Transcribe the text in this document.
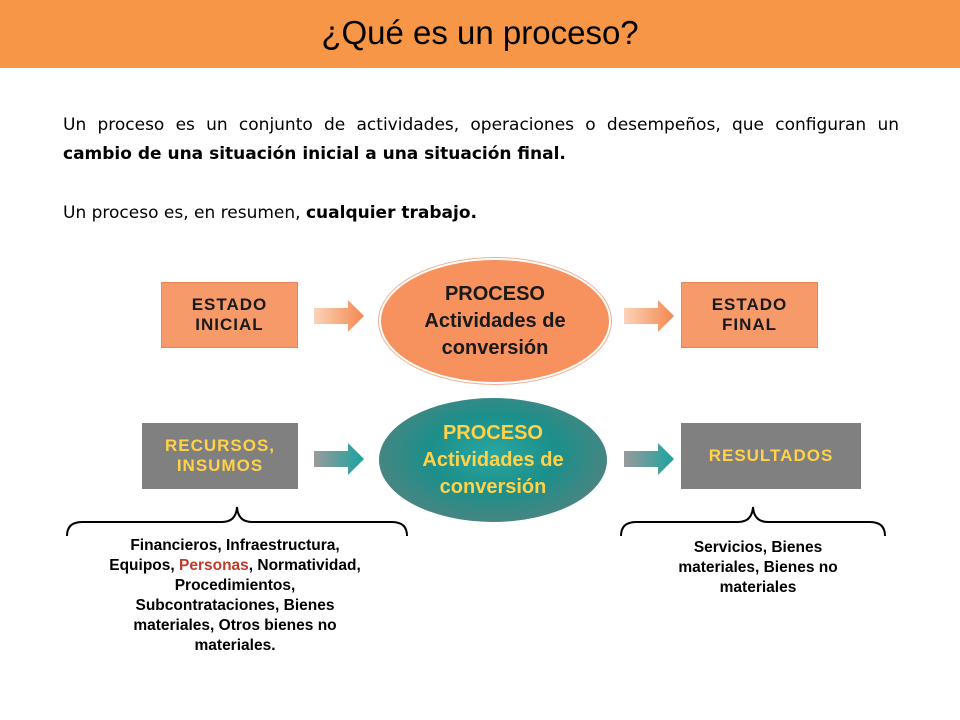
¿Qué es un proceso?
Un proceso es un conjunto de actividades, operaciones o desempeños, que configuran un cambio de una situación inicial a una situación final.
Un proceso es, en resumen, cualquier trabajo.
ESTADO
INICIAL
PROCESO
Actividades de
conversión
ESTADO
FINAL
RECURSOS,
INSUMOS
PROCESO
Actividades de
conversión
RESULTADOS
Financieros, Infraestructura,
Equipos, Personas, Normatividad,
Procedimientos,
Subcontrataciones, Bienes
materiales, Otros bienes no
materiales.
Servicios, Bienes
materiales, Bienes no
materiales
